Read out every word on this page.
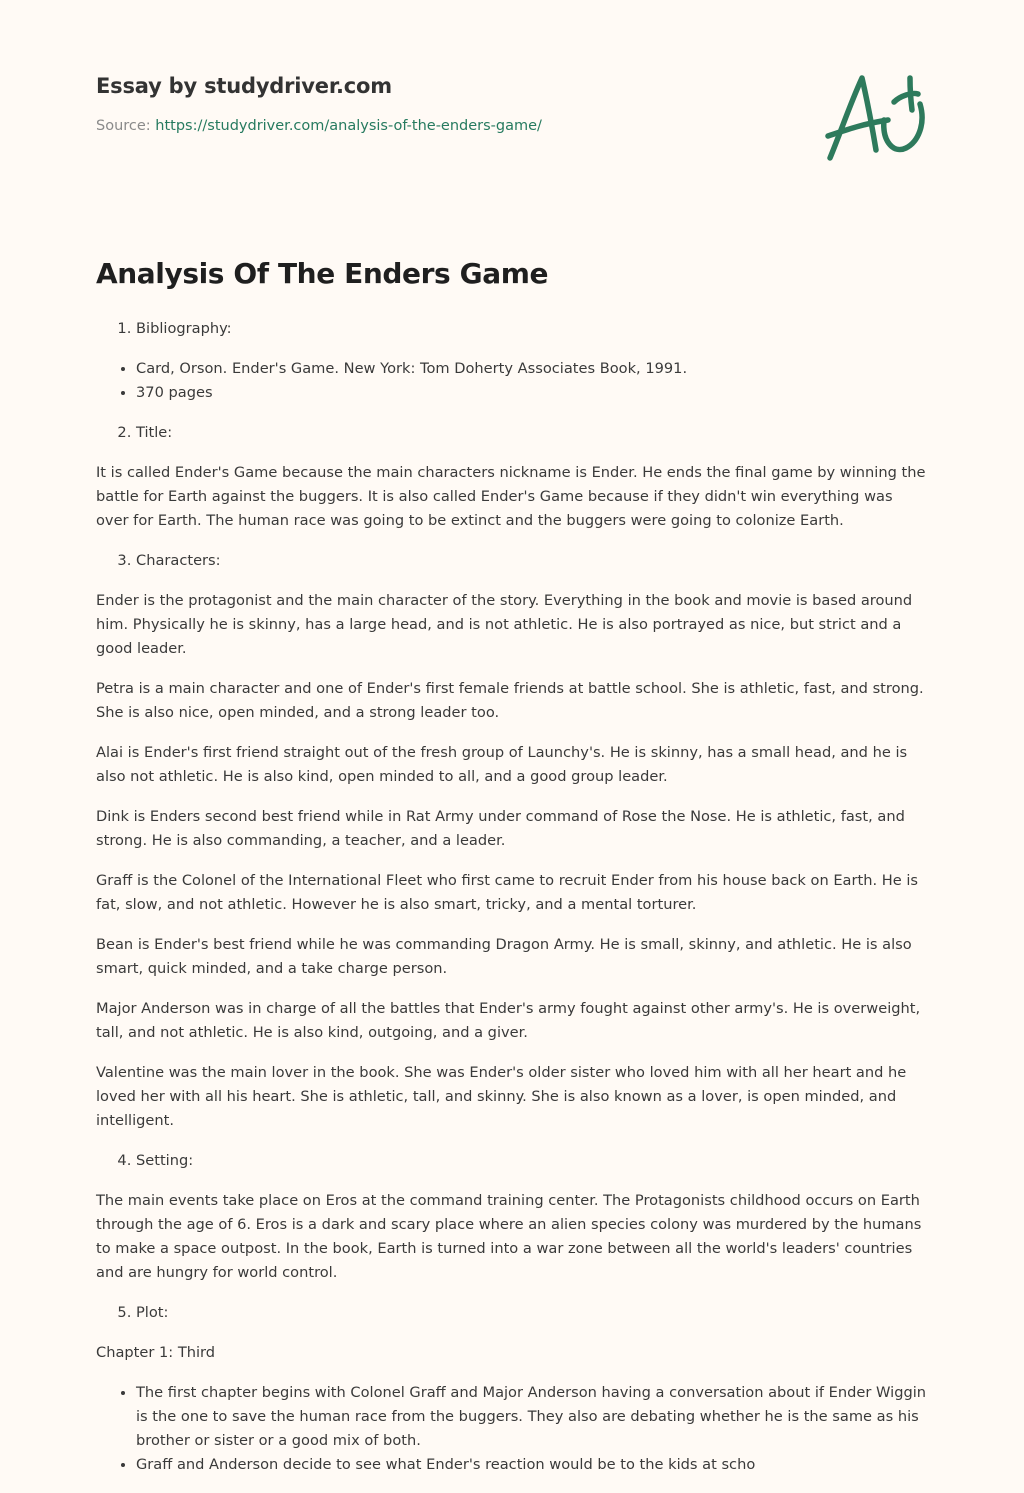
Essay by studydriver.com
Source: https://studydriver.com/analysis-of-the-enders-game/
Analysis Of The Enders Game
1. Bibliography:
• Card, Orson. Ender's Game. New York: Tom Doherty Associates Book, 1991.
• 370 pages
2. Title:

It is called Ender's Game because the main characters nickname is Ender. He ends the final game by winning the battle for Earth against the buggers. It is also called Ender's Game because if they didn't win everything was over for Earth. The human race was going to be extinct and the buggers were going to colonize Earth.

3. Characters:

Ender is the protagonist and the main character of the story. Everything in the book and movie is based around him. Physically he is skinny, has a large head, and is not athletic. He is also portrayed as nice, but strict and a good leader.

Petra is a main character and one of Ender's first female friends at battle school. She is athletic, fast, and strong. She is also nice, open minded, and a strong leader too.

Alai is Ender's first friend straight out of the fresh group of Launchy's. He is skinny, has a small head, and he is also not athletic. He is also kind, open minded to all, and a good group leader.

Dink is Enders second best friend while in Rat Army under command of Rose the Nose. He is athletic, fast, and strong. He is also commanding, a teacher, and a leader.

Graff is the Colonel of the International Fleet who first came to recruit Ender from his house back on Earth. He is fat, slow, and not athletic. However he is also smart, tricky, and a mental torturer.

Bean is Ender's best friend while he was commanding Dragon Army. He is small, skinny, and athletic. He is also smart, quick minded, and a take charge person.

Major Anderson was in charge of all the battles that Ender's army fought against other army's. He is overweight, tall, and not athletic. He is also kind, outgoing, and a giver.

Valentine was the main lover in the book. She was Ender's older sister who loved him with all her heart and he loved her with all his heart. She is athletic, tall, and skinny. She is also known as a lover, is open minded, and intelligent.

4. Setting:

The main events take place on Eros at the command training center. The Protagonists childhood occurs on Earth through the age of 6. Eros is a dark and scary place where an alien species colony was murdered by the humans to make a space outpost. In the book, Earth is turned into a war zone between all the world's leaders' countries and are hungry for world control.

5. Plot:

Chapter 1: Third

• The first chapter begins with Colonel Graff and Major Anderson having a conversation about if Ender Wiggin is the one to save the human race from the buggers. They also are debating whether he is the same as his brother or sister or a good mix of both.
• Graff and Anderson decide to see what Ender's reaction would be to the kids at scho
